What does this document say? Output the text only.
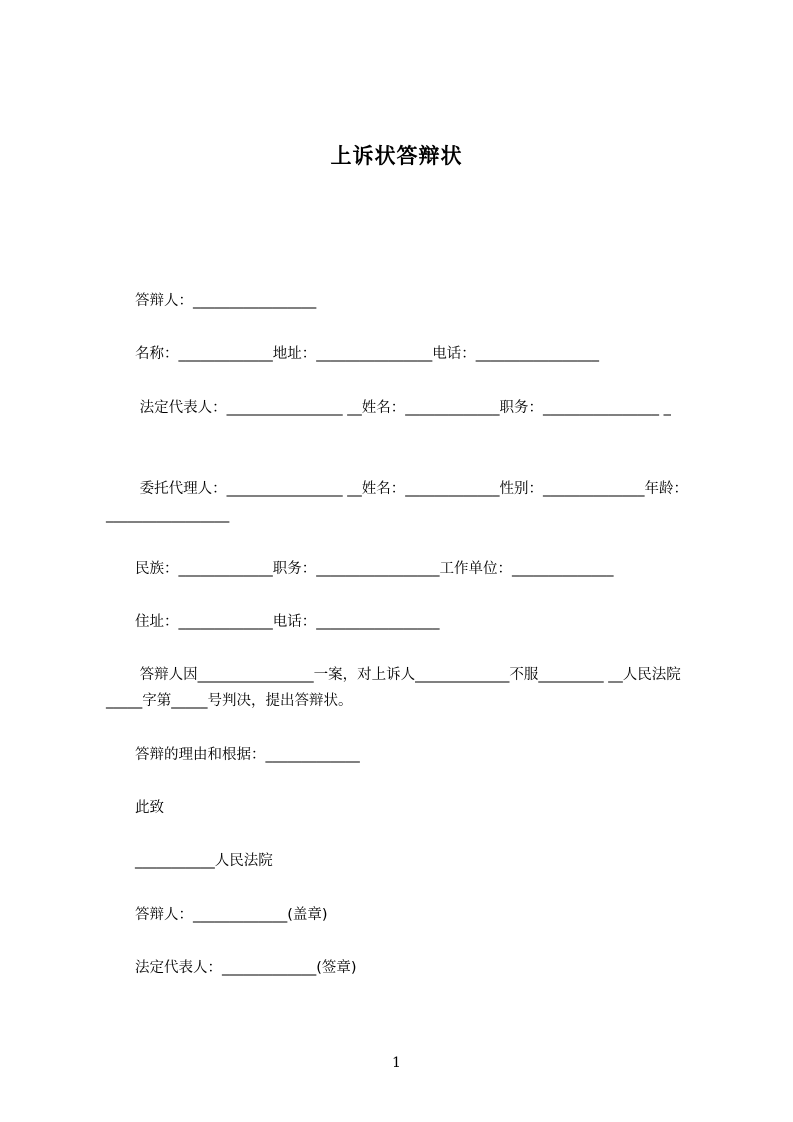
上诉状答辩状
　　答辩人：_________________
　　名称：_____________地址：________________电话：_________________
　　 法定代表人：________________ __姓名：_____________职务：________________ _
　　 委托代理人：________________ __姓名：_____________性别：______________年龄：_________________
　　民族：_____________职务：_________________工作单位：______________
　　住址：_____________电话：_________________
　　 答辩人因________________一案，对上诉人_____________不服_________ __人民法院_____字第_____号判决，提出答辩状。
　　答辩的理由和根据：_____________
　　此致
　　___________人民法院
　　答辩人：_____________(盖章)
　　法定代表人：_____________(签章)
1
